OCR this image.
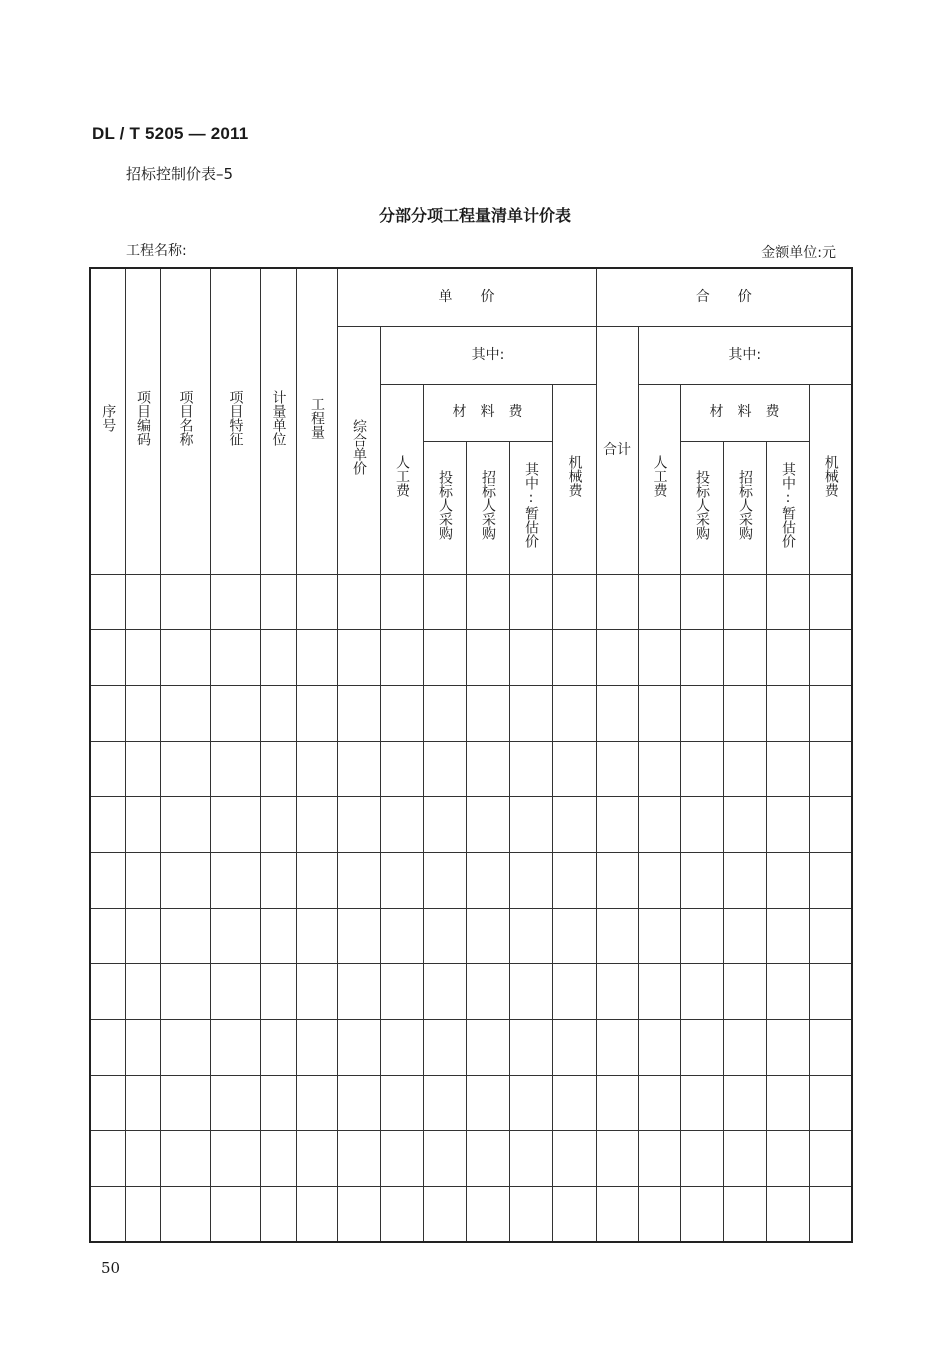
DL / T 5205 — 2011
招标控制价表–5
分部分项工程量清单计价表
工程名称:	金额单位:元
序号	项目编码	项目名称	项目特征	计量单位	工程量	单　　价						合　　价					
						综合单价	其中:					合计	其中:				
							人工费	材　料　费			机械费		人工费	材　料　费			机械费
								投标人采购	招标人采购	其中:暂估价				投标人采购	招标人采购	其中:暂估价	

50
